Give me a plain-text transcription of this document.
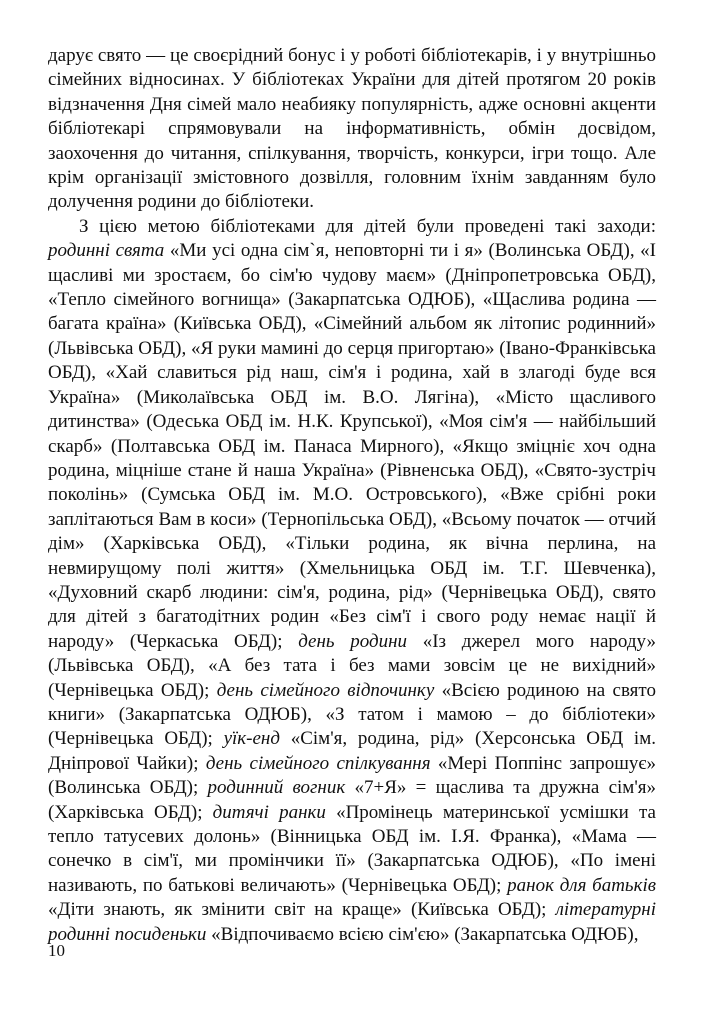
дарує свято — це своєрідний бонус і у роботі бібліотекарів, і у внутрішньо сімейних відносинах. У бібліотеках України для дітей протягом 20 років відзначення Дня сімей мало неабияку популярність, адже основні акценти бібліотекарі спрямовували на інформативність, обмін досвідом, заохочення до читання, спілкування, творчість, конкурси, ігри тощо. Але крім організації змістовного дозвілля, головним їхнім завданням було долучення родини до бібліотеки.

З цією метою бібліотеками для дітей були проведені такі заходи: родинні свята «Ми усі одна сім`я, неповторні ти і я» (Волинська ОБД), «І щасливі ми зростаєм, бо сім'ю чудову маєм» (Дніпропетровська ОБД), «Тепло сімейного вогнища» (Закарпатська ОДЮБ), «Щаслива родина — багата країна» (Київська ОБД), «Сімейний альбом як літопис родинний» (Львівська ОБД), «Я руки мамині до серця пригортаю» (Івано-Франківська ОБД), «Хай славиться рід наш, сім'я і родина, хай в злагоді буде вся Україна» (Миколаївська ОБД ім. В.О. Лягіна), «Місто щасливого дитинства» (Одеська ОБД ім. Н.К. Крупської), «Моя сім'я — найбільший скарб» (Полтавська ОБД ім. Панаса Мирного), «Якщо зміцніє хоч одна родина, міцніше стане й наша Україна» (Рівненська ОБД), «Свято-зустріч поколінь» (Сумська ОБД ім. М.О. Островського), «Вже срібні роки заплітаються Вам в коси» (Тернопільська ОБД), «Всьому початок — отчий дім» (Харківська ОБД), «Тільки родина, як вічна перлина, на невмирущому полі життя» (Хмельницька ОБД ім. Т.Г. Шевченка), «Духовний скарб людини: сім'я, родина, рід» (Чернівецька ОБД), свято для дітей з багатодітних родин «Без сім'ї і свого роду немає нації й народу» (Черкаська ОБД); день родини «Із джерел мого народу» (Львівська ОБД), «А без тата і без мами зовсім це не вихідний» (Чернівецька ОБД); день сімейного відпочинку «Всією родиною на свято книги» (Закарпатська ОДЮБ), «З татом і мамою – до бібліотеки» (Чернівецька ОБД); уїк-енд «Сім'я, родина, рід» (Херсонська ОБД ім. Дніпрової Чайки); день сімейного спілкування «Мері Поппінс запрошує» (Волинська ОБД); родинний вогник «7+Я» = щаслива та дружна сім'я» (Харківська ОБД); дитячі ранки «Промінець материнської усмішки та тепло татусевих долонь» (Вінницька ОБД ім. І.Я. Франка), «Мама — сонечко в сім'ї, ми промінчики її» (Закарпатська ОДЮБ), «По імені називають, по батькові величають» (Чернівецька ОБД); ранок для батьків «Діти знають, як змінити світ на краще» (Київська ОБД); літературні родинні посиденьки «Відпочиваємо всією сім'єю» (Закарпатська ОДЮБ),

10
